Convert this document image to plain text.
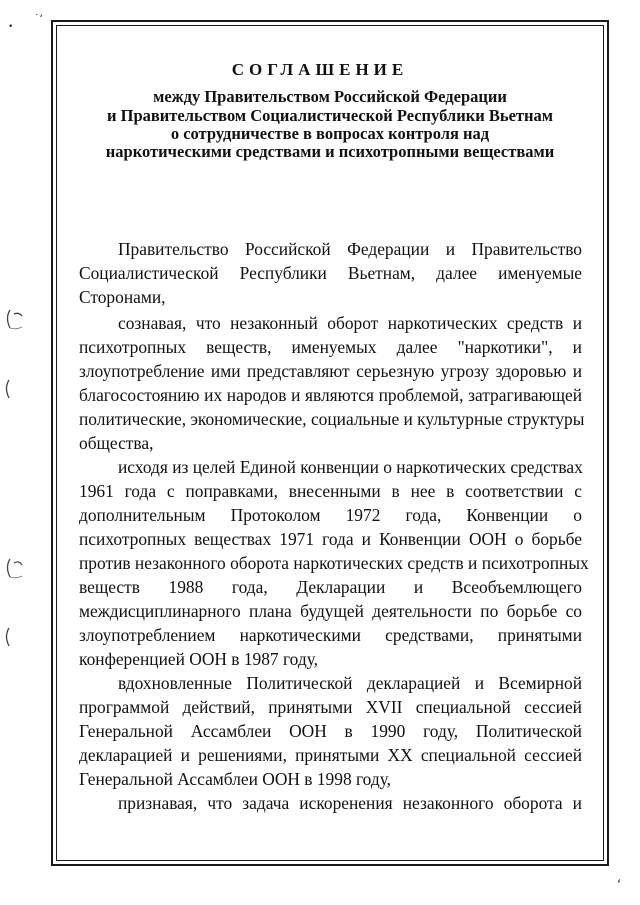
•
˙ʻ
ʻ
СОГЛАШЕНИЕ
между Правительством Российской Федерации
и Правительством Социалистической Республики Вьетнам
о сотрудничестве в вопросах контроля над
наркотическими средствами и психотропными веществами
Правительство Российской Федерации и Правительство
Социалистической Республики Вьетнам, далее именуемые
Сторонами,
сознавая, что незаконный оборот наркотических средств и
психотропных веществ, именуемых далее "наркотики", и
злоупотребление ими представляют серьезную угрозу здоровью и
благосостоянию их народов и являются проблемой, затрагивающей
политические, экономические, социальные и культурные структуры
общества,
исходя из целей Единой конвенции о наркотических средствах
1961 года с поправками, внесенными в нее в соответствии с
дополнительным Протоколом 1972 года, Конвенции о
психотропных веществах 1971 года и Конвенции ООН о борьбе
против незаконного оборота наркотических средств и психотропных
веществ 1988 года, Декларации и Всеобъемлющего
междисциплинарного плана будущей деятельности по борьбе со
злоупотреблением наркотическими средствами, принятыми
конференцией ООН в 1987 году,
вдохновленные Политической декларацией и Всемирной
программой действий, принятыми XVII специальной сессией
Генеральной Ассамблеи ООН в 1990 году, Политической
декларацией и решениями, принятыми XX специальной сессией
Генеральной Ассамблеи ООН в 1998 году,
признавая, что задача искоренения незаконного оборота и
